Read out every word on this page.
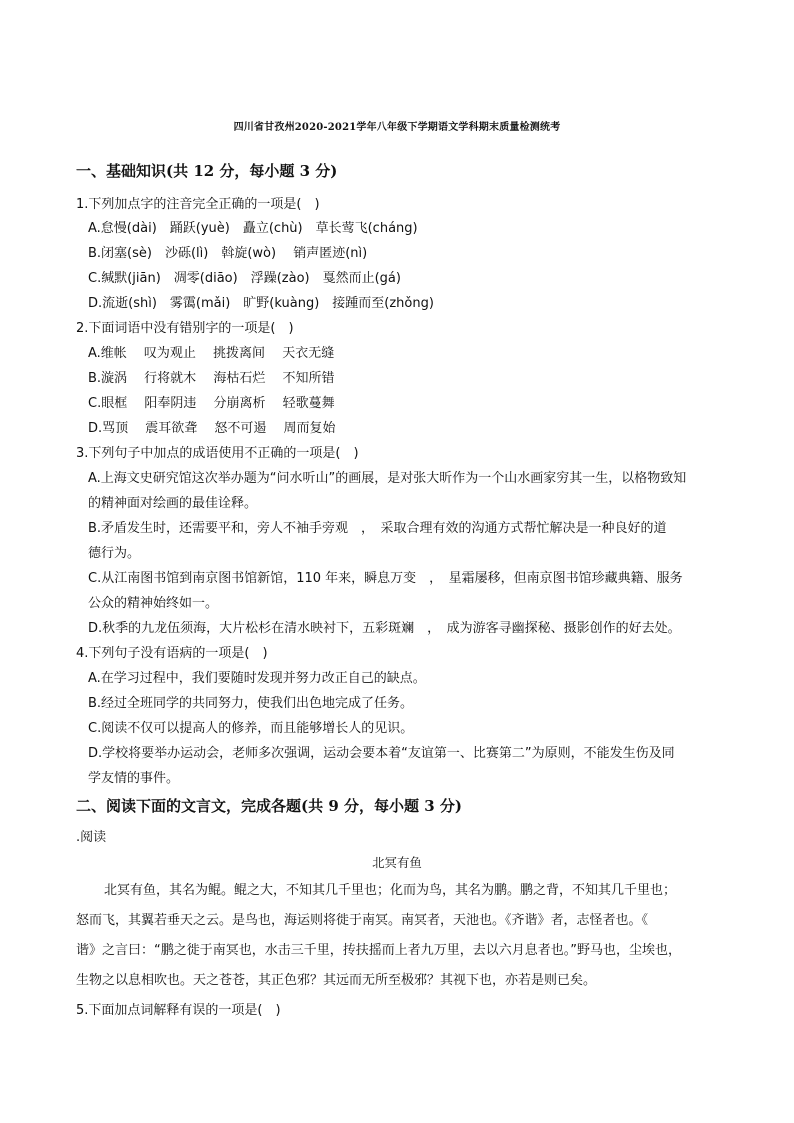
四川省甘孜州2020-2021学年八年级下学期语文学科期末质量检测统考
一、基础知识(共 12 分，每小题 3 分)
1.下列加点字的注音完全正确的一项是(　)
A.怠慢(dài)　踊跃(yuè)　矗立(chù)　草长莺飞(cháng)
B.闭塞(sè)　沙砾(lì)　斡旋(wò)　 销声匿迹(nì)
C.缄默(jiān)　凋零(diāo)　浮躁(zào)　戛然而止(gá)
D.流逝(shì)　雾霭(mǎi)　旷野(kuàng)　接踵而至(zhǒng)
2.下面词语中没有错别字的一项是(　)
A.维帐　 叹为观止　 挑拨离间　 天衣无缝
B.漩涡　 行将就木　 海枯石烂　 不知所错
C.眼框　 阳奉阴违　 分崩离析　 轻歌蔓舞
D.骂顶　 震耳欲聋　 怒不可遏　 周而复始
3.下列句子中加点的成语使用不正确的一项是(　)
A.上海文史研究馆这次举办题为“问水听山”的画展，是对张大昕作为一个山水画家穷其一生，以格物致知
的精神面对绘画的最佳诠释。
B.矛盾发生时，还需要平和，旁人不袖手旁观　，　采取合理有效的沟通方式帮忙解决是一种良好的道
德行为。
C.从江南图书馆到南京图书馆新馆，110 年来，瞬息万变　，　星霜屡移，但南京图书馆珍藏典籍、服务
公众的精神始终如一。
D.秋季的九龙伍须海，大片松杉在清水映衬下，五彩斑斓　，　成为游客寻幽探秘、摄影创作的好去处。
4.下列句子没有语病的一项是(　)
A.在学习过程中，我们要随时发现并努力改正自己的缺点。
B.经过全班同学的共同努力，使我们出色地完成了任务。
C.阅读不仅可以提高人的修养，而且能够增长人的见识。
D.学校将要举办运动会，老师多次强调，运动会要本着“友谊第一、比赛第二”为原则，不能发生伤及同
学友情的事件。
二、阅读下面的文言文，完成各题(共 9 分，每小题 3 分)
.阅读
北冥有鱼
北冥有鱼，其名为鲲。鲲之大，不知其几千里也；化而为鸟，其名为鹏。鹏之背，不知其几千里也；
怒而飞，其翼若垂天之云。是鸟也，海运则将徙于南冥。南冥者，天池也。《齐谐》者，志怪者也。《
谐》之言曰：“鹏之徙于南冥也，水击三千里，抟扶摇而上者九万里，去以六月息者也。”野马也，尘埃也，
生物之以息相吹也。天之苍苍，其正色邪？其远而无所至极邪？其视下也，亦若是则已矣。
5.下面加点词解释有误的一项是(　)
